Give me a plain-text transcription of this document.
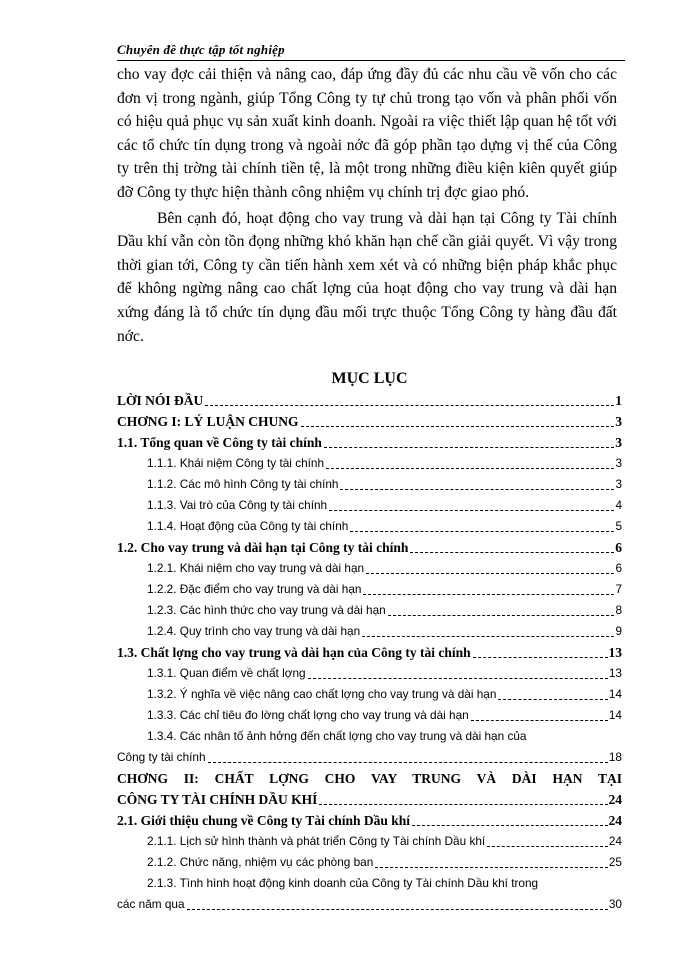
Chuyên đề thực tập tốt nghiệp

cho vay đợc cải thiện và nâng cao, đáp ứng đầy đủ các nhu cầu về vốn cho các đơn vị trong ngành, giúp Tổng Công ty tự chủ trong tạo vốn và phân phối vốn có hiệu quả phục vụ sản xuất kinh doanh. Ngoài ra việc thiết lập quan hệ tốt với các tổ chức tín dụng trong và ngoài nớc đã góp phần tạo dựng vị thế của Công ty trên thị trờng tài chính tiền tệ, là một trong những điều kiện kiên quyết giúp đỡ Công ty thực hiện thành công nhiệm vụ chính trị đợc giao phó.

Bên cạnh đó, hoạt động cho vay trung và dài hạn tại Công ty Tài chính Dầu khí vẫn còn tồn đọng những khó khăn hạn chế cần giải quyết. Vì vậy trong thời gian tới, Công ty cần tiến hành xem xét và có những biện pháp khắc phục để không ngừng nâng cao chất lợng của hoạt động cho vay trung và dài hạn xứng đáng là tổ chức tín dụng đầu mối trực thuộc Tổng Công ty hàng đầu đất nớc.

MỤC LỤC
LỜI NÓI ĐẦU	1
CHƠNG I: LÝ LUẬN CHUNG	3
1.1. Tổng quan về Công ty tài chính	3
1.1.1. Khái niệm Công ty tài chính	3
1.1.2. Các mô hình Công ty tài chính	3
1.1.3. Vai trò của Công ty tài chính	4
1.1.4. Hoạt động của Công ty tài chính	5
1.2. Cho vay trung và dài hạn tại Công ty tài chính	6
1.2.1. Khái niệm cho vay trung và dài hạn	6
1.2.2. Đặc điểm cho vay trung và dài hạn	7
1.2.3. Các hình thức cho vay trung và dài hạn	8
1.2.4. Quy trình cho vay trung và dài hạn	9
1.3. Chất lợng cho vay trung và dài hạn của Công ty tài chính	13
1.3.1. Quan điểm về chất lợng	13
1.3.2. Ý nghĩa về việc nâng cao chất lợng cho vay trung và dài hạn	14
1.3.3. Các chỉ tiêu đo lờng chất lợng cho vay trung và dài hạn	14
1.3.4. Các nhân tố ảnh hởng đến chất lợng cho vay trung và dài hạn của
Công ty tài chính	18
CHƠNG II: CHẤT LỢNG CHO VAY TRUNG VÀ DÀI HẠN TẠI
CÔNG TY TÀI CHÍNH DẦU KHÍ	24
2.1. Giới thiệu chung về Công ty Tài chính Dầu khí	24
2.1.1. Lịch sử hình thành và phát triển Công ty Tài chính Dầu khí	24
2.1.2. Chức năng, nhiệm vụ các phòng ban	25
2.1.3. Tình hình hoạt động kinh doanh của Công ty Tài chính Dầu khí trong
các năm qua	30
